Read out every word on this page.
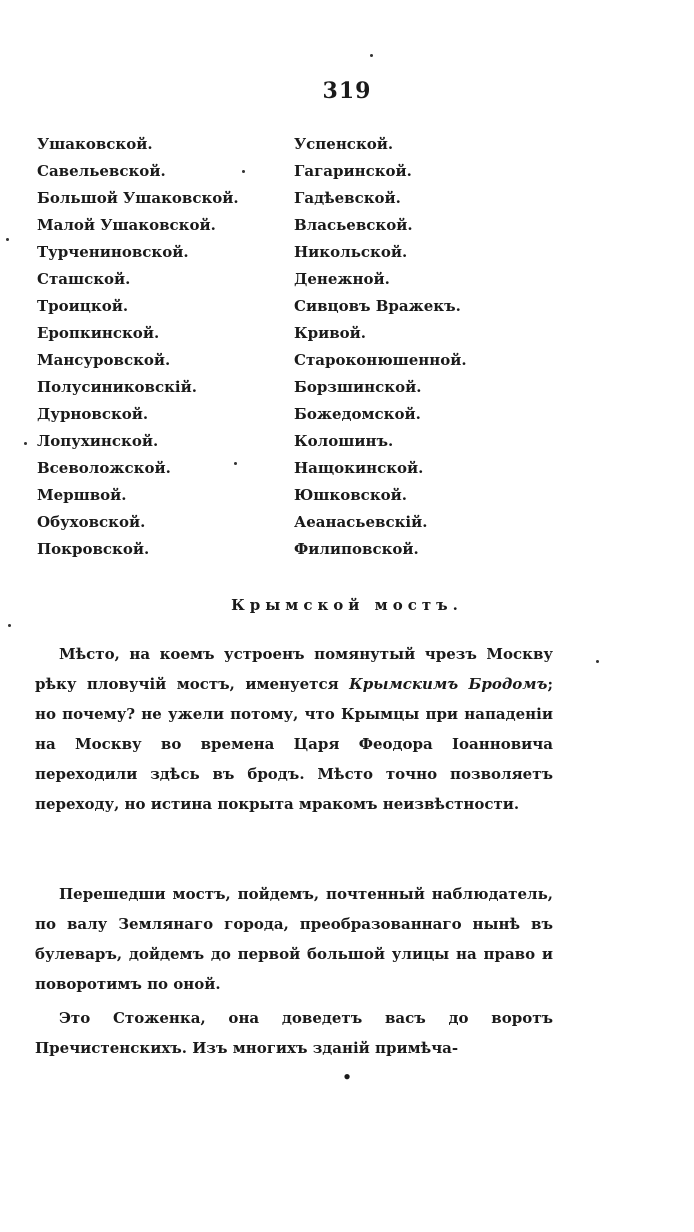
319
Ушаковской.
Савельевской.
Большой Ушаковской.
Малой Ушаковской.
Турчениновской.
Сташской.
Троицкой.
Еропкинской.
Мансуровской.
Полусиниковскiй.
Дурновской.
Лопухинской.
Всеволожской.
Мершвой.
Обуховской.
Покровской.
Успенской.
Гагаринской.
Гадѣевской.
Власьевской.
Никольской.
Денежной.
Сивцовъ Вражекъ.
Кривой.
Староконюшенной.
Борзшинской.
Божедомской.
Колошинъ.
Нащокинской.
Юшковской.
Аеанасьевскiй.
Филиповской.
Крымской мостъ.

Мѣсто, на коемъ устроенъ помянутый чрезъ Москву рѣку пловучiй мостъ, именуется Крымскимъ Бродомъ; но почему? не ужели потому, что Крымцы при нападенiи на Москву во времена Царя Феодора Iоанновича переходили здѣсь въ бродъ. Мѣсто точно позволяетъ переходу, но истина покрыта мракомъ неизвѣстности.

Перешедши мостъ, пойдемъ, почтенный наблюдатель, по валу Землянаго города, преобразованнаго нынѣ въ булеваръ, дойдемъ до первой большой улицы на право и поворотимъ по оной.

Это Стоженка, она доведетъ васъ до воротъ Пречистенскихъ. Изъ многихъ зданiй примѣча-

•
